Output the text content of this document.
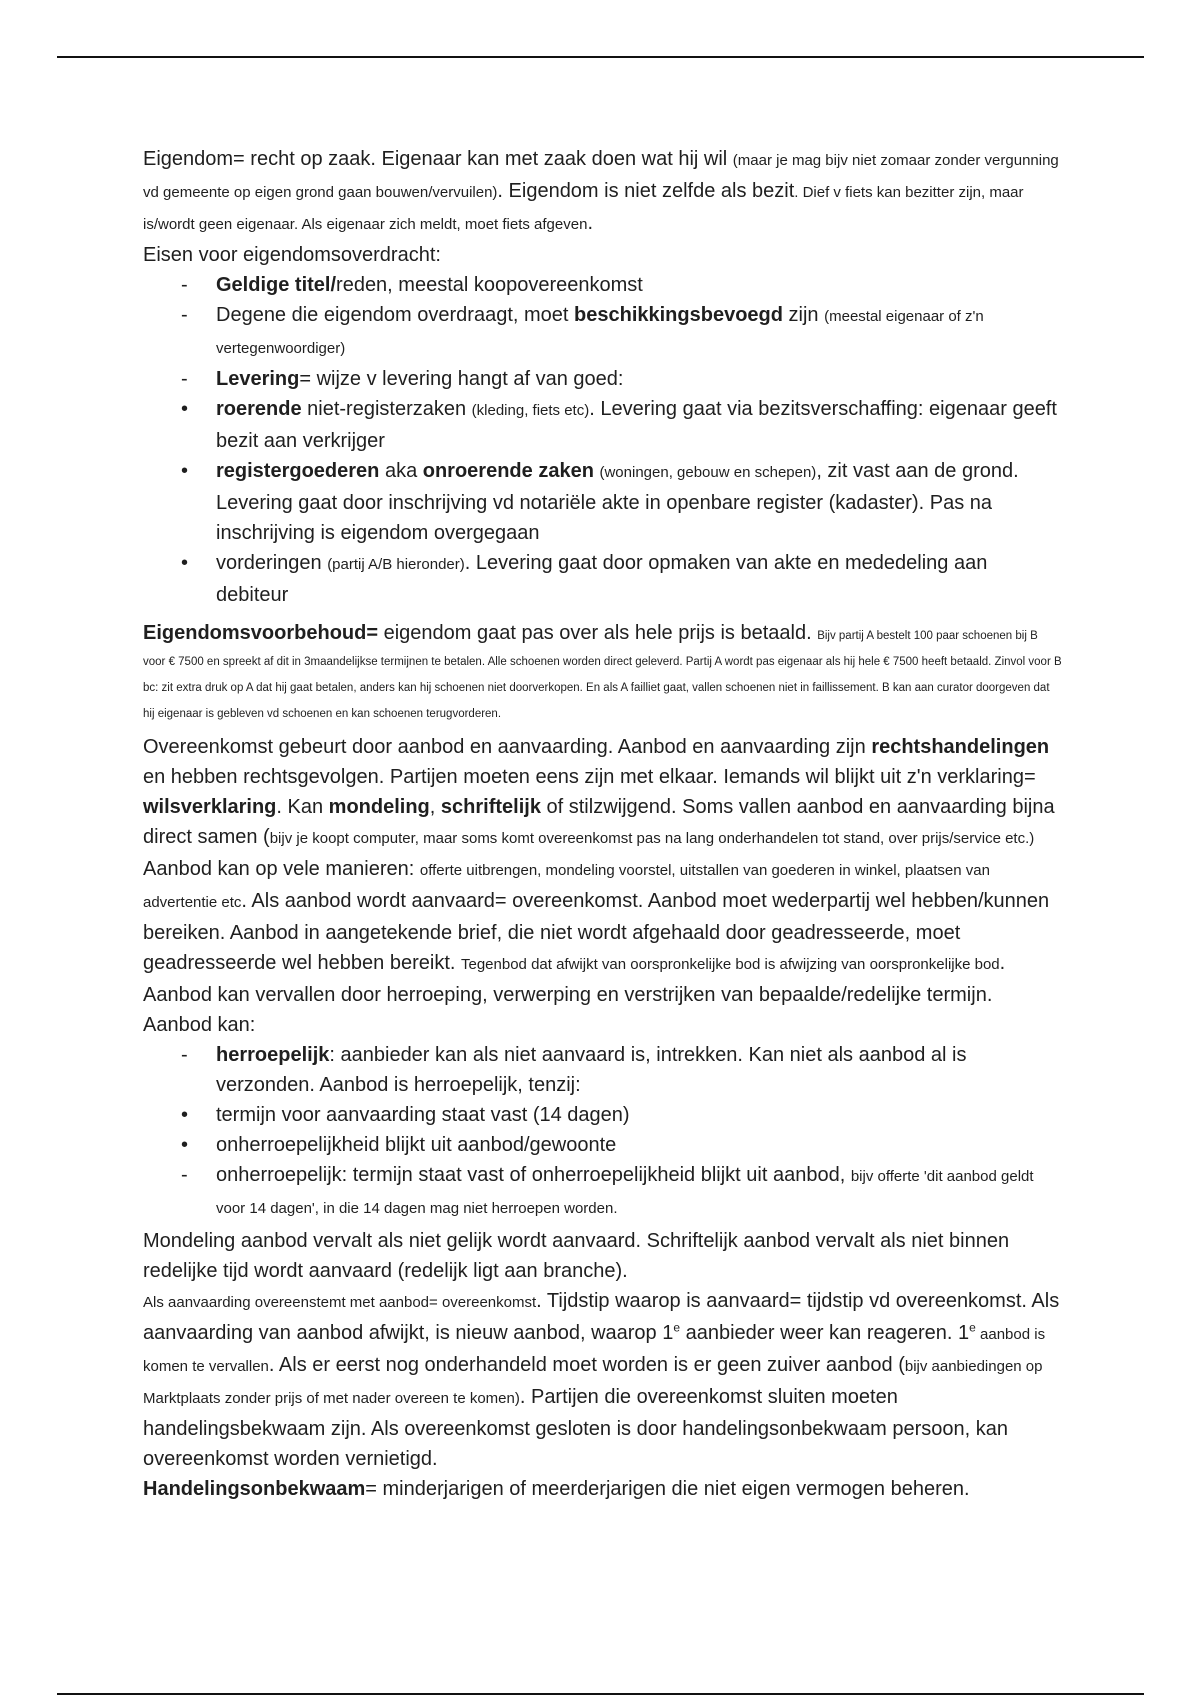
Eigendom= recht op zaak. Eigenaar kan met zaak doen wat hij wil (maar je mag bijv niet zomaar zonder vergunning vd gemeente op eigen grond gaan bouwen/vervuilen). Eigendom is niet zelfde als bezit. Dief v fiets kan bezitter zijn, maar is/wordt geen eigenaar. Als eigenaar zich meldt, moet fiets afgeven.

Eisen voor eigendomsoverdracht:

-	Geldige titel/reden, meestal koopovereenkomst
-	Degene die eigendom overdraagt, moet beschikkingsbevoegd zijn (meestal eigenaar of z'n vertegenwoordiger)
-	Levering= wijze v levering hangt af van goed:
•	roerende niet-registerzaken (kleding, fiets etc). Levering gaat via bezitsverschaffing: eigenaar geeft bezit aan verkrijger
•	registergoederen aka onroerende zaken (woningen, gebouw en schepen), zit vast aan de grond. Levering gaat door inschrijving vd notariële akte in openbare register (kadaster). Pas na inschrijving is eigendom overgegaan
•	vorderingen (partij A/B hieronder). Levering gaat door opmaken van akte en mededeling aan debiteur

Eigendomsvoorbehoud= eigendom gaat pas over als hele prijs is betaald. Bijv partij A bestelt 100 paar schoenen bij B voor € 7500 en spreekt af dit in 3maandelijkse termijnen te betalen. Alle schoenen worden direct geleverd. Partij A wordt pas eigenaar als hij hele € 7500 heeft betaald. Zinvol voor B bc: zit extra druk op A dat hij gaat betalen, anders kan hij schoenen niet doorverkopen. En als A failliet gaat, vallen schoenen niet in faillissement. B kan aan curator doorgeven dat hij eigenaar is gebleven vd schoenen en kan schoenen terugvorderen.

Overeenkomst gebeurt door aanbod en aanvaarding. Aanbod en aanvaarding zijn rechtshandelingen en hebben rechtsgevolgen. Partijen moeten eens zijn met elkaar. Iemands wil blijkt uit z'n verklaring= wilsverklaring. Kan mondeling, schriftelijk of stilzwijgend. Soms vallen aanbod en aanvaarding bijna direct samen (bijv je koopt computer, maar soms komt overeenkomst pas na lang onderhandelen tot stand, over prijs/service etc.)

Aanbod kan op vele manieren: offerte uitbrengen, mondeling voorstel, uitstallen van goederen in winkel, plaatsen van advertentie etc. Als aanbod wordt aanvaard= overeenkomst. Aanbod moet wederpartij wel hebben/kunnen bereiken. Aanbod in aangetekende brief, die niet wordt afgehaald door geadresseerde, moet geadresseerde wel hebben bereikt. Tegenbod dat afwijkt van oorspronkelijke bod is afwijzing van oorspronkelijke bod. Aanbod kan vervallen door herroeping, verwerping en verstrijken van bepaalde/redelijke termijn. Aanbod kan:

-	herroepelijk: aanbieder kan als niet aanvaard is, intrekken. Kan niet als aanbod al is verzonden. Aanbod is herroepelijk, tenzij:
•	termijn voor aanvaarding staat vast (14 dagen)
•	onherroepelijkheid blijkt uit aanbod/gewoonte
-	onherroepelijk: termijn staat vast of onherroepelijkheid blijkt uit aanbod, bijv offerte 'dit aanbod geldt voor 14 dagen', in die 14 dagen mag niet herroepen worden.

Mondeling aanbod vervalt als niet gelijk wordt aanvaard. Schriftelijk aanbod vervalt als niet binnen redelijke tijd wordt aanvaard (redelijk ligt aan branche).

Als aanvaarding overeenstemt met aanbod= overeenkomst. Tijdstip waarop is aanvaard= tijdstip vd overeenkomst. Als aanvaarding van aanbod afwijkt, is nieuw aanbod, waarop 1e aanbieder weer kan reageren. 1e aanbod is komen te vervallen. Als er eerst nog onderhandeld moet worden is er geen zuiver aanbod (bijv aanbiedingen op Marktplaats zonder prijs of met nader overeen te komen). Partijen die overeenkomst sluiten moeten handelingsbekwaam zijn. Als overeenkomst gesloten is door handelingsonbekwaam persoon, kan overeenkomst worden vernietigd.

Handelingsonbekwaam= minderjarigen of meerderjarigen die niet eigen vermogen beheren.
